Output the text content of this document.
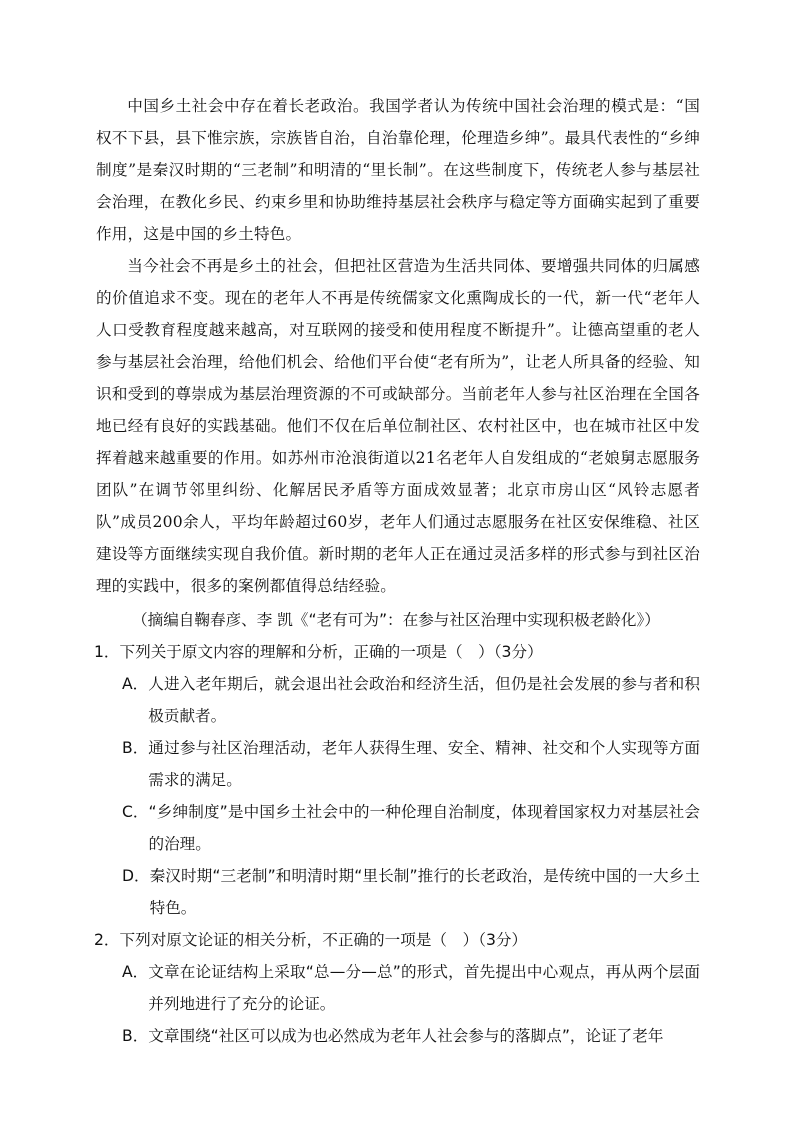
中国乡土社会中存在着长老政治。我国学者认为传统中国社会治理的模式是：“国权不下县，县下惟宗族，宗族皆自治，自治靠伦理，伦理造乡绅”。最具代表性的“乡绅制度”是秦汉时期的“三老制”和明清的“里长制”。在这些制度下，传统老人参与基层社会治理，在教化乡民、约束乡里和协助维持基层社会秩序与稳定等方面确实起到了重要作用，这是中国的乡土特色。

当今社会不再是乡土的社会，但把社区营造为生活共同体、要增强共同体的归属感的价值追求不变。现在的老年人不再是传统儒家文化熏陶成长的一代，新一代“老年人人口受教育程度越来越高，对互联网的接受和使用程度不断提升”。让德高望重的老人参与基层社会治理，给他们机会、给他们平台使“老有所为”，让老人所具备的经验、知识和受到的尊崇成为基层治理资源的不可或缺部分。当前老年人参与社区治理在全国各地已经有良好的实践基础。他们不仅在后单位制社区、农村社区中，也在城市社区中发挥着越来越重要的作用。如苏州市沧浪街道以21名老年人自发组成的“老娘舅志愿服务团队”在调节邻里纠纷、化解居民矛盾等方面成效显著；北京市房山区“风铃志愿者队”成员200余人，平均年龄超过60岁，老年人们通过志愿服务在社区安保维稳、社区建设等方面继续实现自我价值。新时期的老年人正在通过灵活多样的形式参与到社区治理的实践中，很多的案例都值得总结经验。

（摘编自鞠春彦、李 凯《“老有可为”：在参与社区治理中实现积极老龄化》）

1．下列关于原文内容的理解和分析，正确的一项是（　）（3分）
A． 人进入老年期后，就会退出社会政治和经济生活，但仍是社会发展的参与者和积极贡献者。
B． 通过参与社区治理活动，老年人获得生理、安全、精神、社交和个人实现等方面需求的满足。
C． “乡绅制度”是中国乡土社会中的一种伦理自治制度，体现着国家权力对基层社会的治理。
D． 秦汉时期“三老制”和明清时期“里长制”推行的长老政治，是传统中国的一大乡土特色。
2．下列对原文论证的相关分析，不正确的一项是（　）（3分）
A． 文章在论证结构上采取“总—分—总”的形式，首先提出中心观点，再从两个层面并列地进行了充分的论证。
B． 文章围绕“社区可以成为也必然成为老年人社会参与的落脚点”，论证了老年
